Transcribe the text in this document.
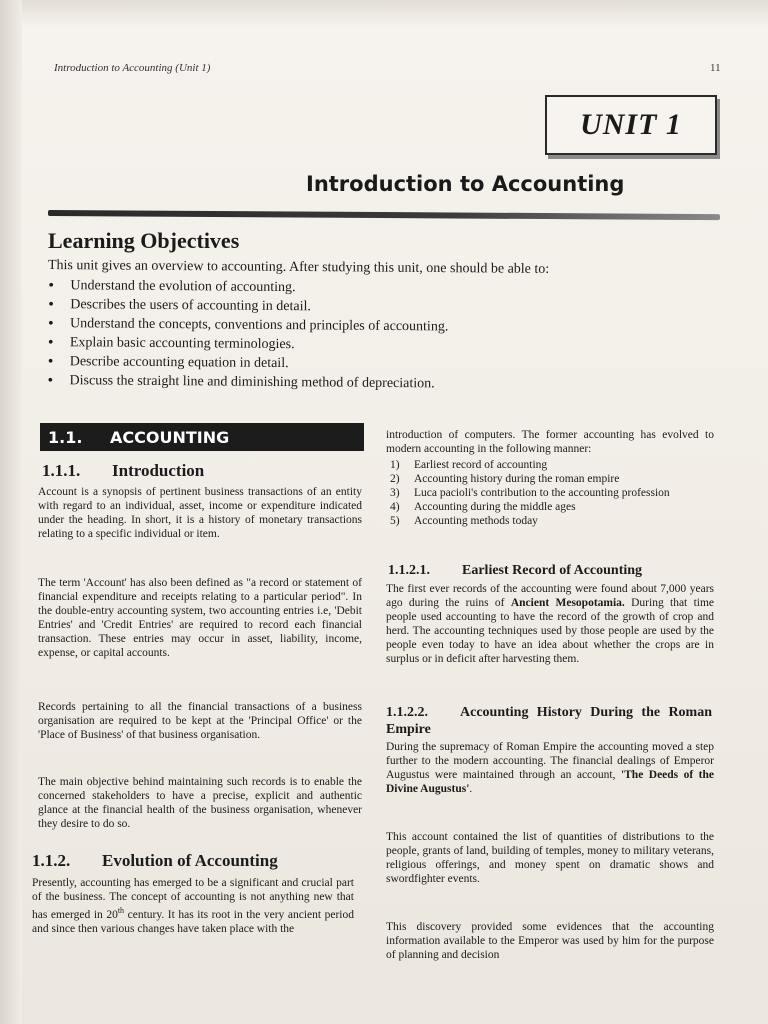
Introduction to Accounting (Unit 1)	11
UNIT 1
Introduction to Accounting
Learning Objectives
This unit gives an overview to accounting. After studying this unit, one should be able to:
•	Understand the evolution of accounting.
•	Describes the users of accounting in detail.
•	Understand the concepts, conventions and principles of accounting.
•	Explain basic accounting terminologies.
•	Describe accounting equation in detail.
•	Discuss the straight line and diminishing method of depreciation.
1.1.	ACCOUNTING
1.1.1. Introduction

Account is a synopsis of pertinent business transactions of an entity with regard to an individual, asset, income or expenditure indicated under the heading. In short, it is a history of monetary transactions relating to a specific individual or item.

The term 'Account' has also been defined as "a record or statement of financial expenditure and receipts relating to a particular period". In the double-entry accounting system, two accounting entries i.e, 'Debit Entries' and 'Credit Entries' are required to record each financial transaction. These entries may occur in asset, liability, income, expense, or capital accounts.

Records pertaining to all the financial transactions of a business organisation are required to be kept at the 'Principal Office' or the 'Place of Business' of that business organisation.

The main objective behind maintaining such records is to enable the concerned stakeholders to have a precise, explicit and authentic glance at the financial health of the business organisation, whenever they desire to do so.

1.1.2. Evolution of Accounting

Presently, accounting has emerged to be a significant and crucial part of the business. The concept of accounting is not anything new that has emerged in 20th century. It has its root in the very ancient period and since then various changes have taken place with the

introduction of computers. The former accounting has evolved to modern accounting in the following manner:

1)	Earliest record of accounting
2)	Accounting history during the roman empire
3)	Luca pacioli's contribution to the accounting profession
4)	Accounting during the middle ages
5)	Accounting methods today
1.1.2.1. Earliest Record of Accounting

The first ever records of the accounting were found about 7,000 years ago during the ruins of Ancient Mesopotamia. During that time people used accounting to have the record of the growth of crop and herd. The accounting techniques used by those people are used by the people even today to have an idea about whether the crops are in surplus or in deficit after harvesting them.

1.1.2.2. Accounting History During the Roman Empire

During the supremacy of Roman Empire the accounting moved a step further to the modern accounting. The financial dealings of Emperor Augustus were maintained through an account, 'The Deeds of the Divine Augustus'.

This account contained the list of quantities of distributions to the people, grants of land, building of temples, money to military veterans, religious offerings, and money spent on dramatic shows and swordfighter events.

This discovery provided some evidences that the accounting information available to the Emperor was used by him for the purpose of planning and decision
